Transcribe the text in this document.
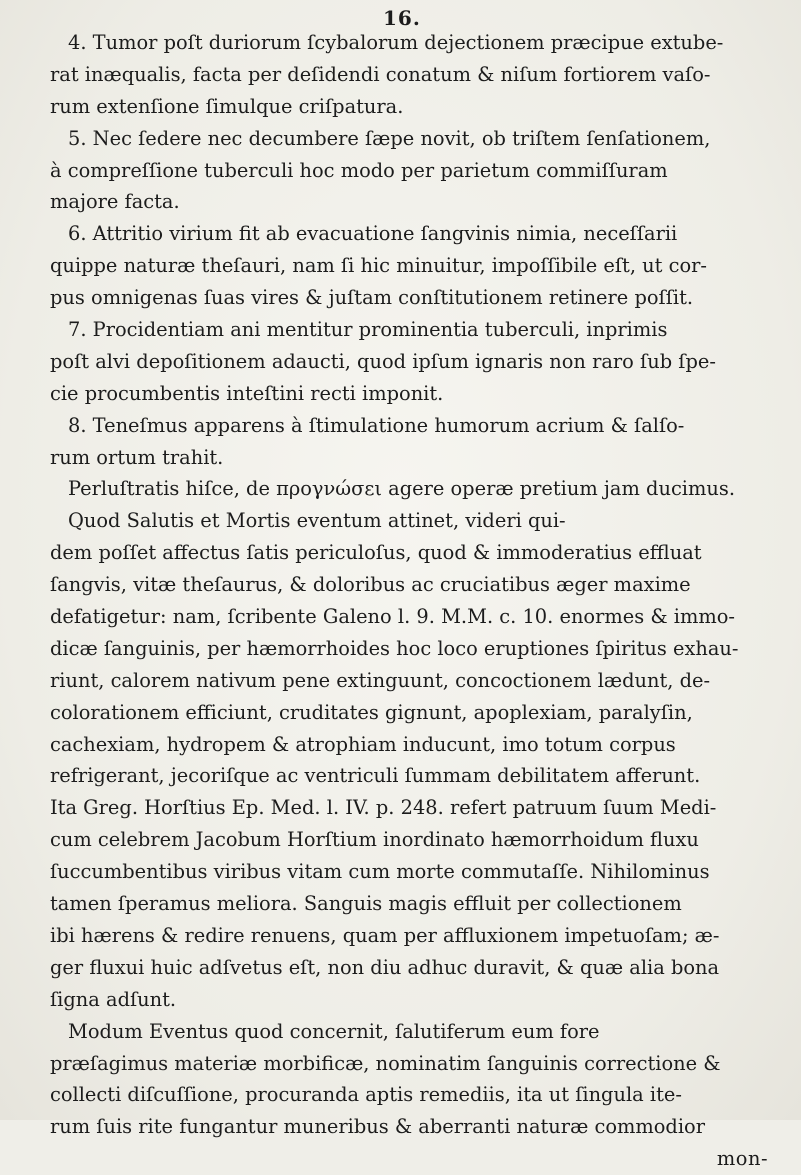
16.
4. Tumor poſt duriorum ſcybalorum dejectionem præcipue extube-
rat inæqualis, facta per deſidendi conatum & niſum fortiorem vaſo-
rum extenſione ſimulque criſpatura.
5. Nec ſedere nec decumbere ſæpe novit, ob triſtem ſenſationem,
à compreſſione tuberculi hoc modo per parietum commiſſuram
majore facta.
6. Attritio virium fit ab evacuatione ſangvinis nimia, neceſſarii
quippe naturæ theſauri, nam ſi hic minuitur, impoſſibile eſt, ut cor-
pus omnigenas ſuas vires & juſtam conſtitutionem retinere poſſit.
7. Procidentiam ani mentitur prominentia tuberculi, inprimis
poſt alvi depoſitionem adaucti, quod ipſum ignaris non raro ſub ſpe-
cie procumbentis inteſtini recti imponit.
8. Teneſmus apparens à ſtimulatione humorum acrium & ſalſo-
rum ortum trahit.
Perluſtratis hiſce, de προγνώσει agere operæ pretium jam ducimus.
Quod Salutis et Mortis eventum attinet, videri qui-
dem poſſet affectus ſatis periculoſus, quod & immoderatius effluat
ſangvis, vitæ theſaurus, & doloribus ac cruciatibus æger maxime
defatigetur: nam, ſcribente Galeno l. 9. M.M. c. 10. enormes & immo-
dicæ ſanguinis, per hæmorrhoides hoc loco eruptiones ſpiritus exhau-
riunt, calorem nativum pene extinguunt, concoctionem lædunt, de-
colorationem efficiunt, cruditates gignunt, apoplexiam, paralyſin,
cachexiam, hydropem & atrophiam inducunt, imo totum corpus
refrigerant, jecoriſque ac ventriculi ſummam debilitatem afferunt.
Ita Greg. Horſtius Ep. Med. l. IV. p. 248. refert patruum ſuum Medi-
cum celebrem Jacobum Horſtium inordinato hæmorrhoidum fluxu
ſuccumbentibus viribus vitam cum morte commutaſſe. Nihilominus
tamen ſperamus meliora. Sanguis magis effluit per collectionem
ibi hærens & redire renuens, quam per affluxionem impetuoſam; æ-
ger fluxui huic adſvetus eſt, non diu adhuc duravit, & quæ alia bona
ſigna adſunt.
Modum Eventus quod concernit, ſalutiferum eum fore
præſagimus materiæ morbificæ, nominatim ſanguinis correctione &
collecti diſcuſſione, procuranda aptis remediis, ita ut ſingula ite-
rum ſuis rite fungantur muneribus & aberranti naturæ commodior
mon-
